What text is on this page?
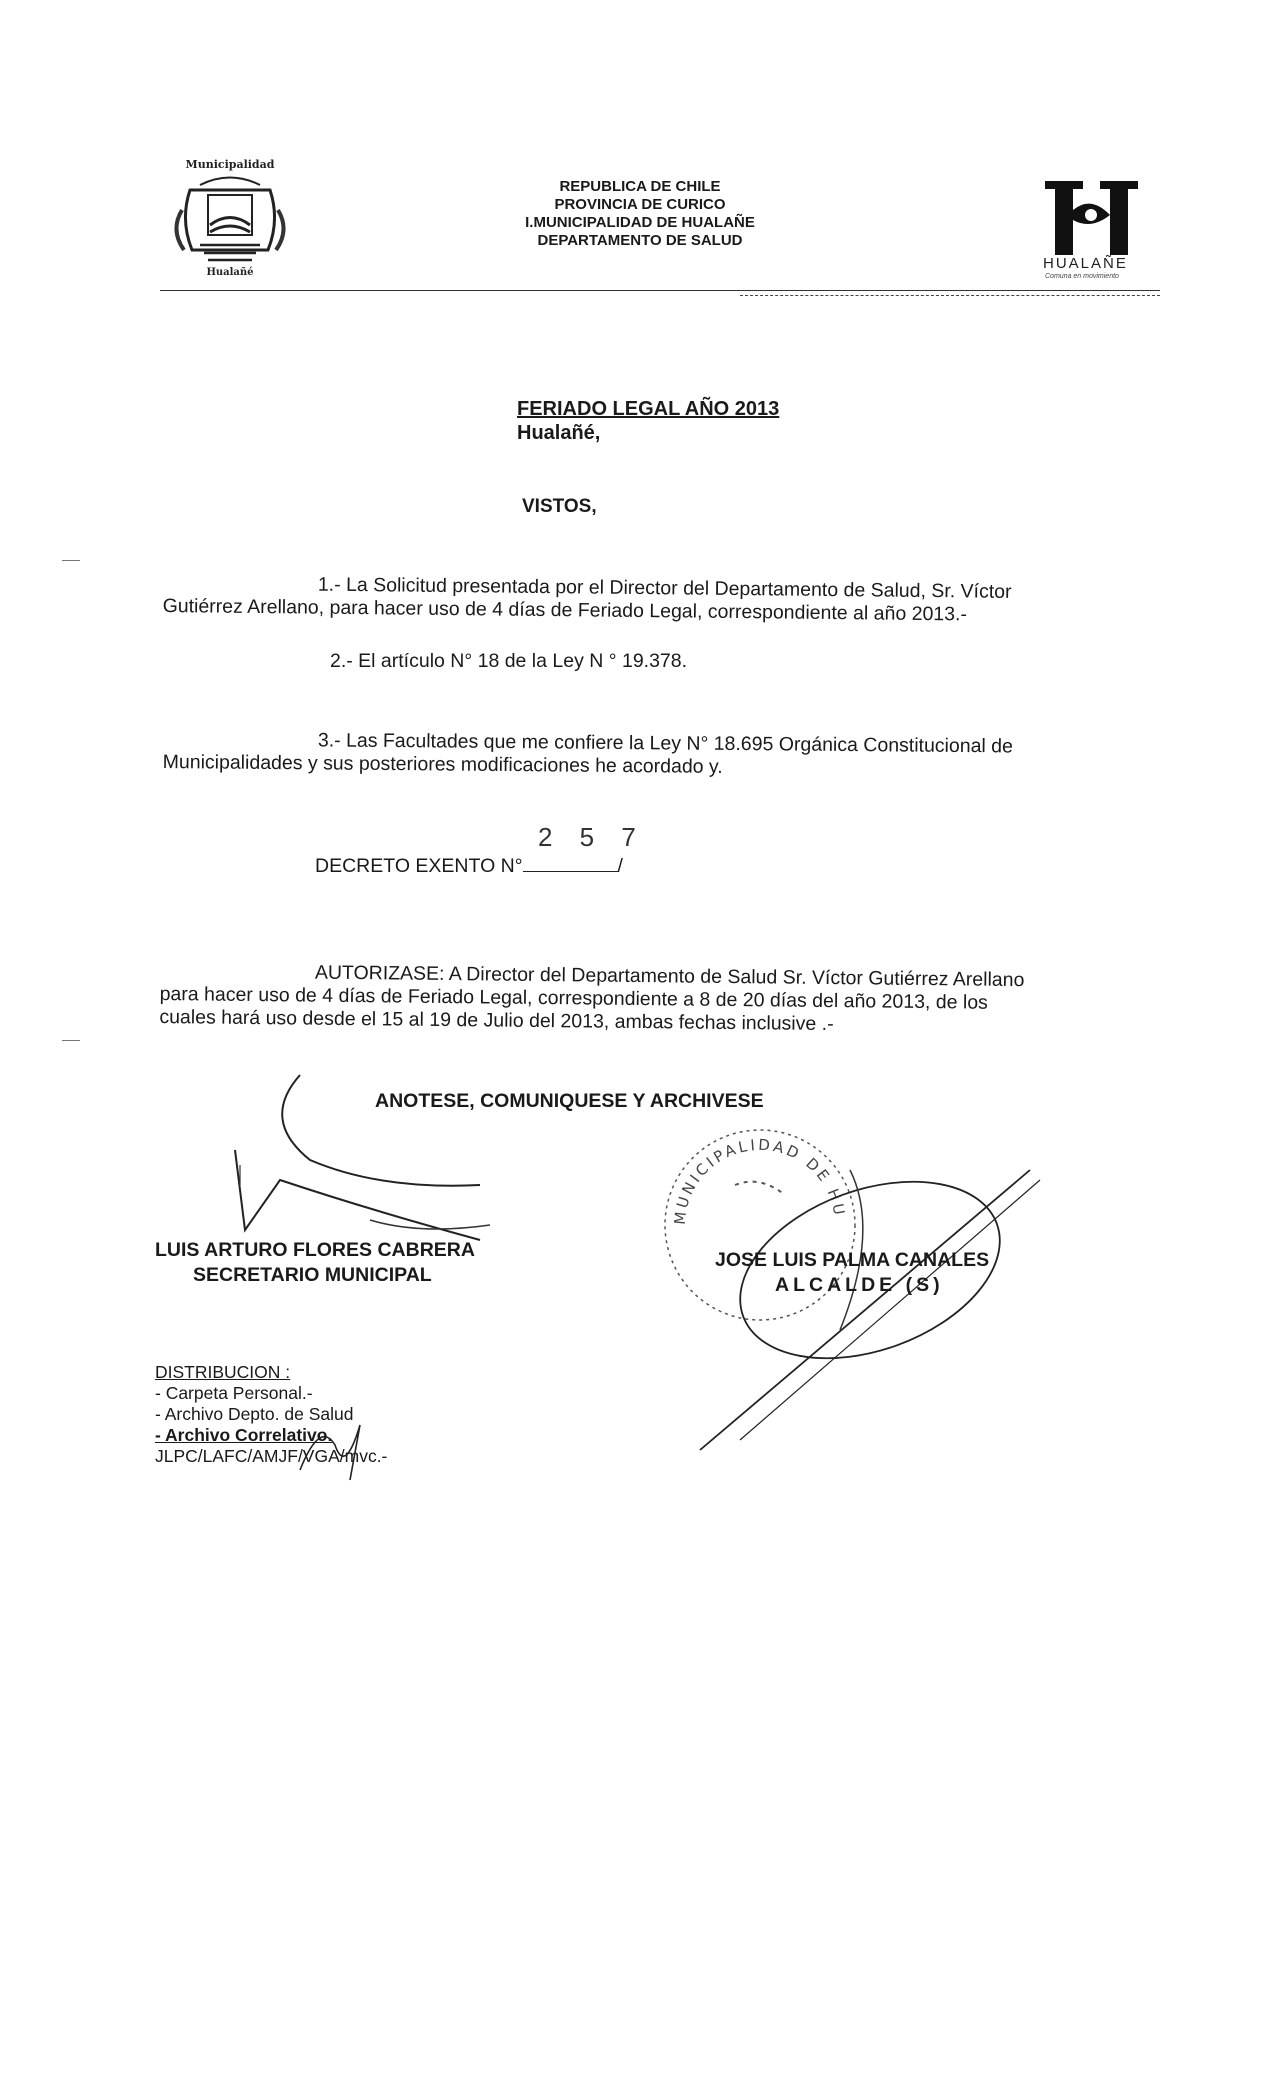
Municipalidad
Hualañé
REPUBLICA DE CHILE
PROVINCIA DE CURICO
I.MUNICIPALIDAD DE HUALAÑE
DEPARTAMENTO DE SALUD
HUALAÑE
Comuna en movimiento
FERIADO LEGAL AÑO 2013
Hualañé,
VISTOS,
1.- La Solicitud presentada por el Director del Departamento de Salud, Sr. Víctor
Gutiérrez Arellano, para hacer uso de 4 días de Feriado Legal, correspondiente al año 2013.-
2.- El artículo N° 18 de la Ley N ° 19.378.
3.- Las Facultades que me confiere la Ley N° 18.695 Orgánica Constitucional de
Municipalidades y sus posteriores modificaciones he acordado y.
2 5 7
DECRETO EXENTO N°	/
AUTORIZASE: A Director del Departamento de Salud Sr. Víctor Gutiérrez Arellano
para hacer uso de 4 días de Feriado Legal, correspondiente a 8 de 20 días del año 2013, de los
cuales hará uso desde el 15 al 19 de Julio del 2013, ambas fechas inclusive .-
ANOTESE, COMUNIQUESE Y ARCHIVESE
MUNICIPALIDAD DE HUALAÑE
LUIS ARTURO FLORES CABRERA
SECRETARIO MUNICIPAL
JOSE LUIS PALMA CANALES
ALCALDE (S)
DISTRIBUCION :
- Carpeta Personal.-
- Archivo Depto. de Salud
- Archivo Correlativo.
JLPC/LAFC/AMJF/VGA/mvc.-
